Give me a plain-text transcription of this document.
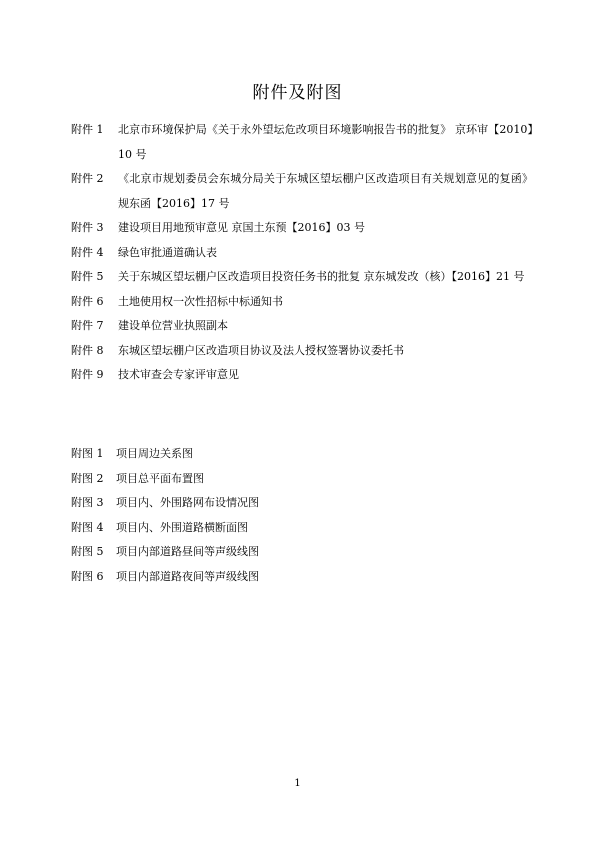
附件及附图
附件 1	北京市环境保护局《关于永外望坛危改项目环境影响报告书的批复》 京环审【2010】10 号
附件 2	《北京市规划委员会东城分局关于东城区望坛棚户区改造项目有关规划意见的复函》 规东函【2016】17 号
附件 3	建设项目用地预审意见 京国土东预【2016】03 号
附件 4	绿色审批通道确认表
附件 5	关于东城区望坛棚户区改造项目投资任务书的批复 京东城发改（核）【2016】21 号
附件 6	土地使用权一次性招标中标通知书
附件 7	建设单位营业执照副本
附件 8	东城区望坛棚户区改造项目协议及法人授权签署协议委托书
附件 9	技术审查会专家评审意见
附图 1	项目周边关系图
附图 2	项目总平面布置图
附图 3	项目内、外围路网布设情况图
附图 4	项目内、外围道路横断面图
附图 5	项目内部道路昼间等声级线图
附图 6	项目内部道路夜间等声级线图
1
